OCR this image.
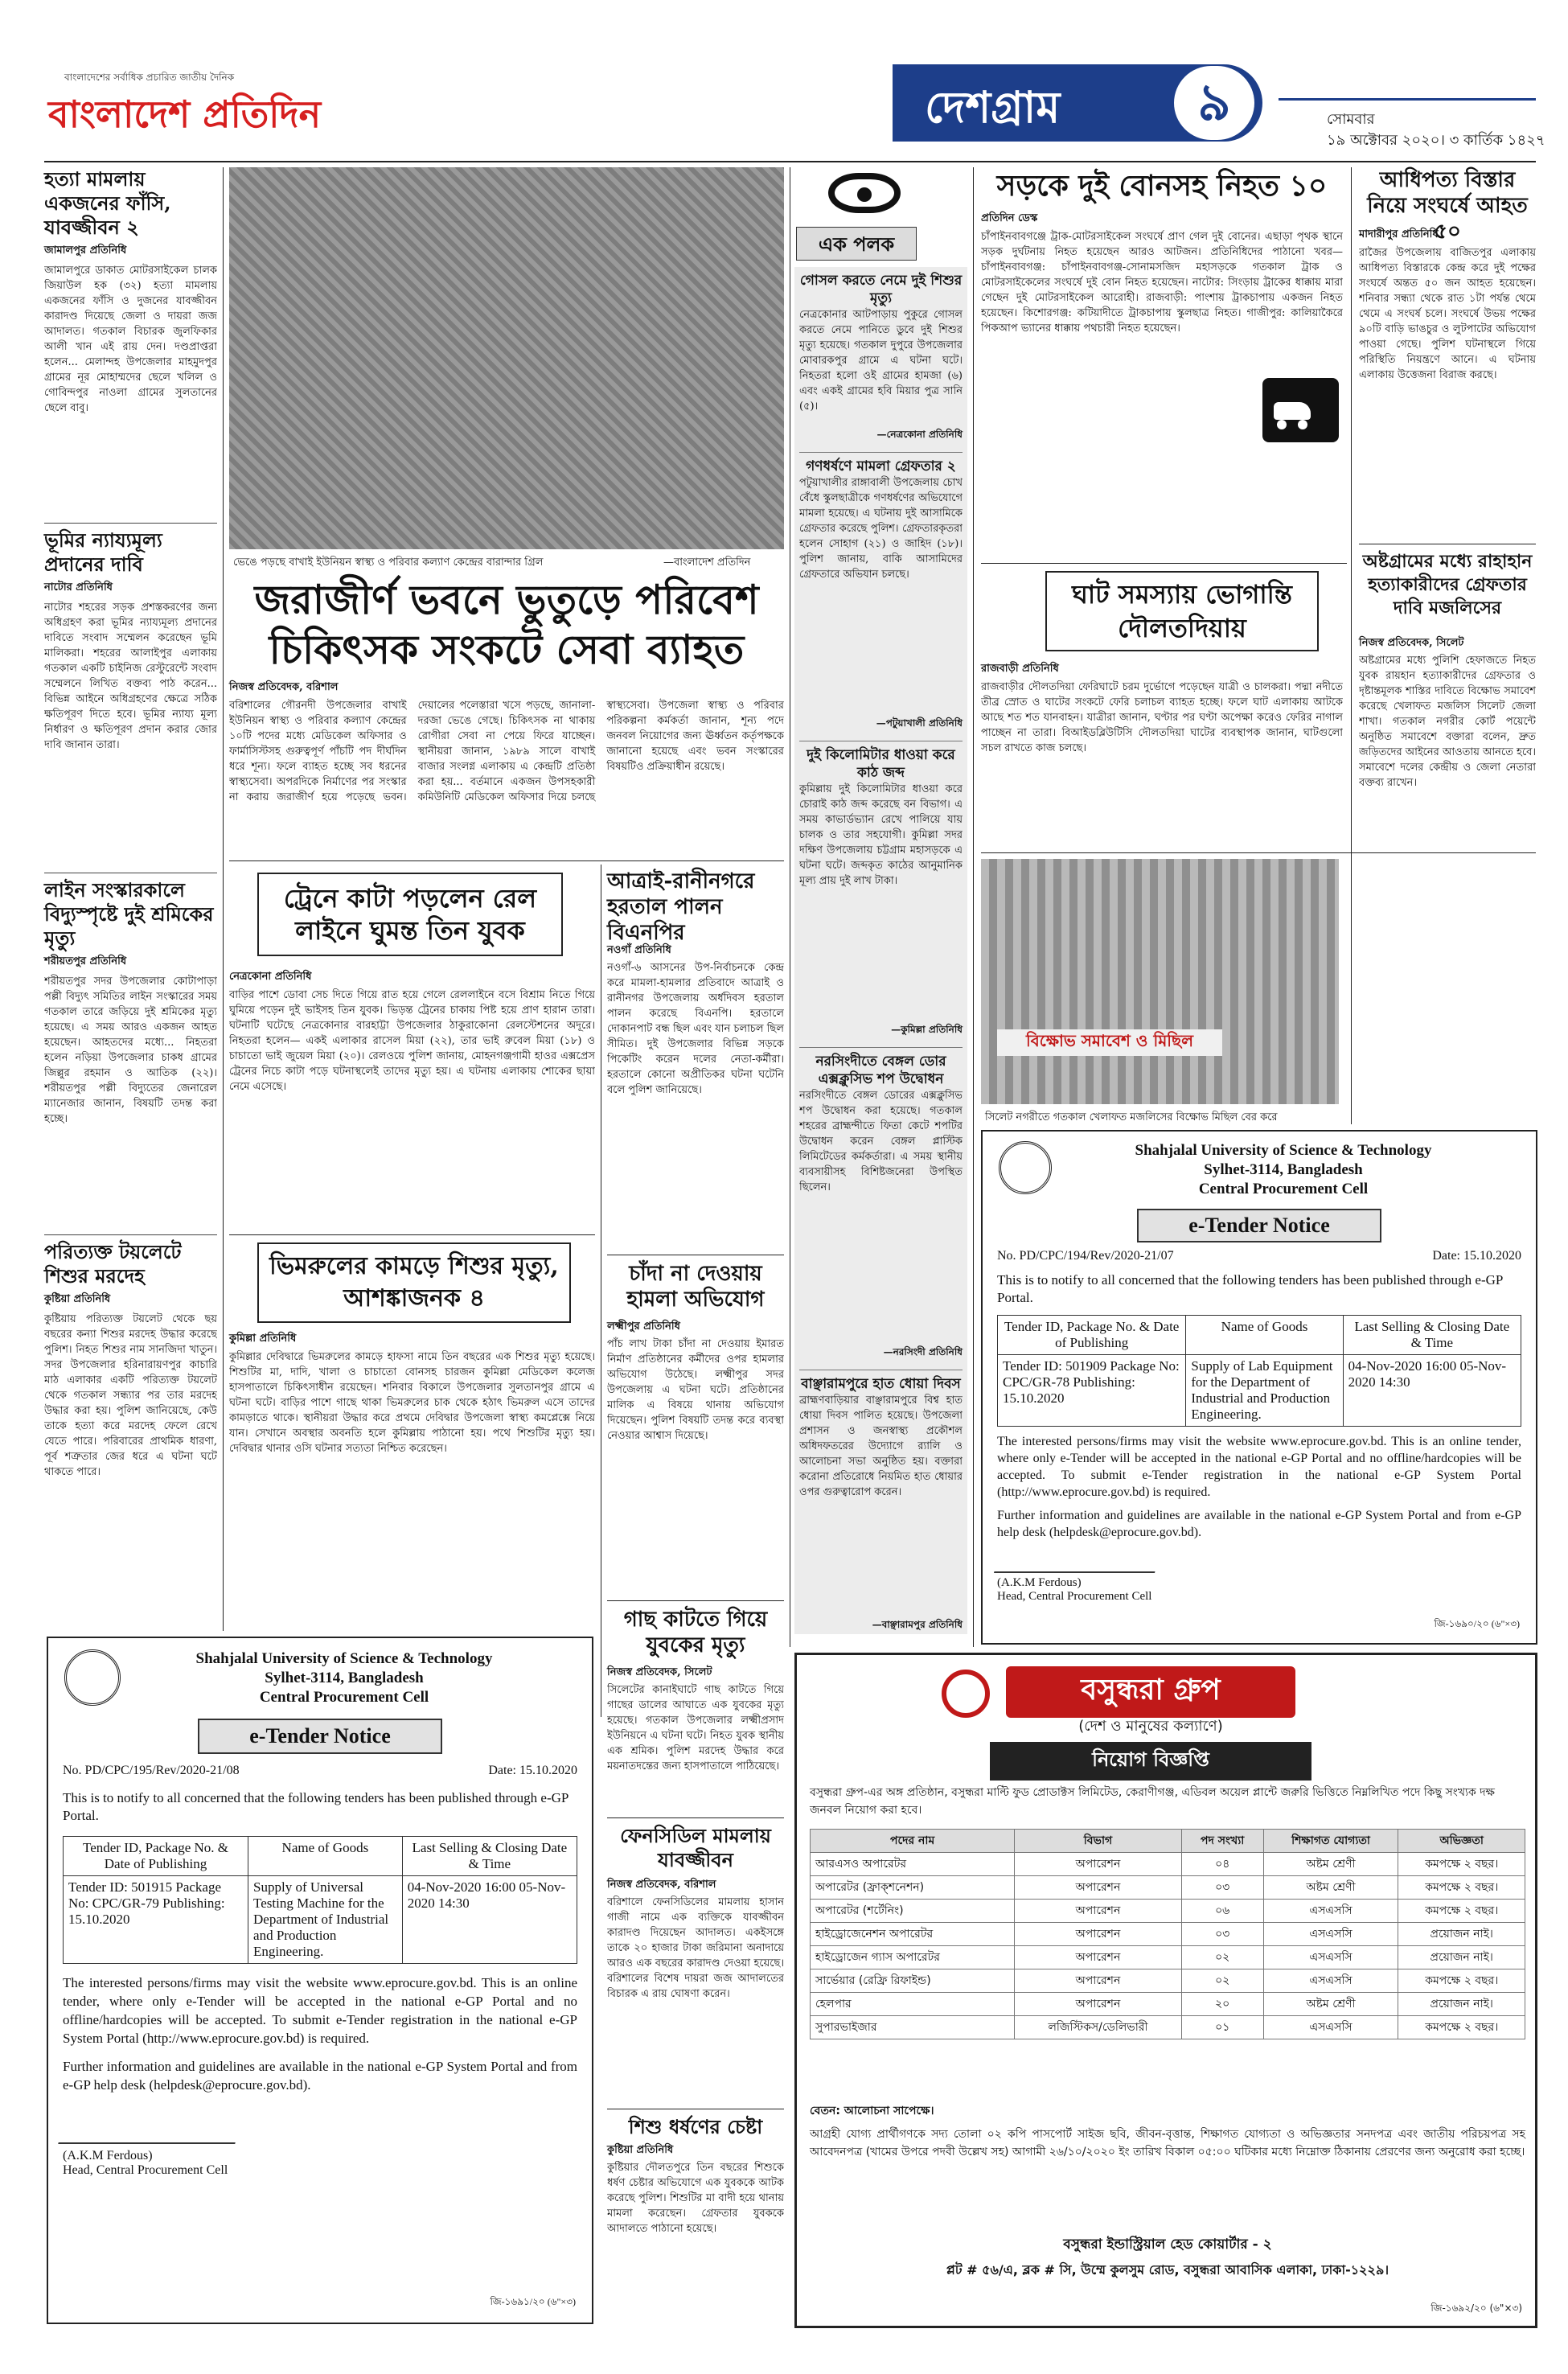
বাংলাদেশের সর্বাধিক প্রচারিত জাতীয় দৈনিক
বাংলাদেশ প্রতিদিন	দেশগ্রাম	৯	সোমবার
১৯ অক্টোবর ২০২০। ৩ কার্তিক ১৪২৭
হত্যা মামলায় একজনের ফাঁসি, যাবজ্জীবন ২
জামালপুর প্রতিনিধি
জামালপুরে ডাকাত মোটরসাইকেল চালক জিয়াউল হক (৩২) হত্যা মামলায় একজনের ফাঁসি ও দুজনের যাবজ্জীবন কারাদণ্ড দিয়েছে জেলা ও দায়রা জজ আদালত। গতকাল বিচারক জুলফিকার আলী খান এই রায় দেন। দণ্ডপ্রাপ্তরা হলেন... মেলান্দহ উপজেলার মাহমুদপুর গ্রামের নূর মোহাম্মদের ছেলে খলিল ও গোবিন্দপুর নাওলা গ্রামের সুলতানের ছেলে বাবু।
ভূমির ন্যায্যমূল্য প্রদানের দাবি
নাটোর প্রতিনিধি
নাটোর শহরের সড়ক প্রশস্তকরণের জন্য অধিগ্রহণ করা ভূমির ন্যায্যমূল্য প্রদানের দাবিতে সংবাদ সম্মেলন করেছেন ভূমি মালিকরা। শহরের আলাইপুর এলাকায় গতকাল একটি চাইনিজ রেস্টুরেন্টে সংবাদ সম্মেলনে লিখিত বক্তব্য পাঠ করেন... বিভিন্ন আইনে অধিগ্রহণের ক্ষেত্রে সঠিক ক্ষতিপূরণ দিতে হবে। ভূমির ন্যায্য মূল্য নির্ধারণ ও ক্ষতিপূরণ প্রদান করার জোর দাবি জানান তারা।
লাইন সংস্কারকালে বিদ্যুস্পৃষ্টে দুই শ্রমিকের মৃত্যু
শরীয়তপুর প্রতিনিধি
শরীয়তপুর সদর উপজেলার কোটাপাড়া পল্লী বিদ্যুৎ সমিতির লাইন সংস্কারের সময় গতকাল তারে জড়িয়ে দুই শ্রমিকের মৃত্যু হয়েছে। এ সময় আরও একজন আহত হয়েছেন। আহতদের মধ্যে... নিহতরা হলেন নড়িয়া উপজেলার চাকধ গ্রামের জিল্লুর রহমান ও আতিক (২২)। শরীয়তপুর পল্লী বিদ্যুতের জেনারেল ম্যানেজার জানান, বিষয়টি তদন্ত করা হচ্ছে।
পরিত্যক্ত টয়লেটে শিশুর মরদেহ
কুষ্টিয়া প্রতিনিধি
কুষ্টিয়ায় পরিত্যক্ত টয়লেট থেকে ছয় বছরের কন্যা শিশুর মরদেহ উদ্ধার করেছে পুলিশ। নিহত শিশুর নাম সানজিদা খাতুন। সদর উপজেলার হরিনারায়ণপুর কাচারি মাঠ এলাকার একটি পরিত্যক্ত টয়লেট থেকে গতকাল সন্ধ্যার পর তার মরদেহ উদ্ধার করা হয়। পুলিশ জানিয়েছে, কেউ তাকে হত্যা করে মরদেহ ফেলে রেখে যেতে পারে। পরিবারের প্রাথমিক ধারণা, পূর্ব শত্রুতার জের ধরে এ ঘটনা ঘটে থাকতে পারে।
ভেঙে পড়ছে বাখাই ইউনিয়ন স্বাস্থ্য ও পরিবার কল্যাণ কেন্দ্রের বারান্দার গ্রিল	—বাংলাদেশ প্রতিদিন
জরাজীর্ণ ভবনে ভুতুড়ে পরিবেশ চিকিৎসক সংকটে সেবা ব্যাহত
নিজস্ব প্রতিবেদক, বরিশাল
বরিশালের গৌরনদী উপজেলার বাখাই ইউনিয়ন স্বাস্থ্য ও পরিবার কল্যাণ কেন্দ্রের ১০টি পদের মধ্যে মেডিকেল অফিসার ও ফার্মাসিস্টসহ গুরুত্বপূর্ণ পাঁচটি পদ দীর্ঘদিন ধরে শূন্য। ফলে ব্যাহত হচ্ছে সব ধরনের স্বাস্থ্যসেবা। অপরদিকে নির্মাণের পর সংস্কার না করায় জরাজীর্ণ হয়ে পড়েছে ভবন। দেয়ালের পলেস্তারা খসে পড়ছে, জানালা-দরজা ভেঙে গেছে। চিকিৎসক না থাকায় রোগীরা সেবা না পেয়ে ফিরে যাচ্ছেন। স্থানীয়রা জানান, ১৯৮৯ সালে বাখাই বাজার সংলগ্ন এলাকায় এ কেন্দ্রটি প্রতিষ্ঠা করা হয়... বর্তমানে একজন উপসহকারী কমিউনিটি মেডিকেল অফিসার দিয়ে চলছে স্বাস্থ্যসেবা। উপজেলা স্বাস্থ্য ও পরিবার পরিকল্পনা কর্মকর্তা জানান, শূন্য পদে জনবল নিয়োগের জন্য ঊর্ধ্বতন কর্তৃপক্ষকে জানানো হয়েছে এবং ভবন সংস্কারের বিষয়টিও প্রক্রিয়াধীন রয়েছে।
ট্রেনে কাটা পড়লেন রেল লাইনে ঘুমন্ত তিন যুবক
নেত্রকোনা প্রতিনিধি
বাড়ির পাশে ডোবা সেচ দিতে গিয়ে রাত হয়ে গেলে রেললাইনে বসে বিশ্রাম নিতে গিয়ে ঘুমিয়ে পড়েন দুই ভাইসহ তিন যুবক। ভিড়ন্ত ট্রেনের চাকায় পিষ্ট হয়ে প্রাণ হারান তারা। ঘটনাটি ঘটেছে নেত্রকোনার বারহাট্টা উপজেলার ঠাকুরাকোনা রেলস্টেশনের অদূরে। নিহতরা হলেন— একই এলাকার রাসেল মিয়া (২২), তার ভাই রুবেল মিয়া (১৮) ও চাচাতো ভাই জুয়েল মিয়া (২০)। রেলওয়ে পুলিশ জানায়, মোহনগঞ্জগামী হাওর এক্সপ্রেস ট্রেনের নিচে কাটা পড়ে ঘটনাস্থলেই তাদের মৃত্যু হয়। এ ঘটনায় এলাকায় শোকের ছায়া নেমে এসেছে।
আত্রাই-রানীনগরে হরতাল পালন বিএনপির
নওগাঁ প্রতিনিধি
নওগাঁ-৬ আসনের উপ-নির্বাচনকে কেন্দ্র করে মামলা-হামলার প্রতিবাদে আত্রাই ও রানীনগর উপজেলায় অর্ধদিবস হরতাল পালন করেছে বিএনপি। হরতালে দোকানপাট বন্ধ ছিল এবং যান চলাচল ছিল সীমিত। দুই উপজেলার বিভিন্ন সড়কে পিকেটিং করেন দলের নেতা-কর্মীরা। হরতালে কোনো অপ্রীতিকর ঘটনা ঘটেনি বলে পুলিশ জানিয়েছে।
ভিমরুলের কামড়ে শিশুর মৃত্যু, আশঙ্কাজনক ৪
কুমিল্লা প্রতিনিধি
কুমিল্লার দেবিদ্বারে ভিমরুলের কামড়ে হাফসা নামে তিন বছরের এক শিশুর মৃত্যু হয়েছে। শিশুটির মা, দাদি, খালা ও চাচাতো বোনসহ চারজন কুমিল্লা মেডিকেল কলেজ হাসপাতালে চিকিৎসাধীন রয়েছেন। শনিবার বিকালে উপজেলার সুলতানপুর গ্রামে এ ঘটনা ঘটে। বাড়ির পাশে গাছে থাকা ভিমরুলের চাক থেকে হঠাৎ ভিমরুল এসে তাদের কামড়াতে থাকে। স্থানীয়রা উদ্ধার করে প্রথমে দেবিদ্বার উপজেলা স্বাস্থ্য কমপ্লেক্সে নিয়ে যান। সেখানে অবস্থার অবনতি হলে কুমিল্লায় পাঠানো হয়। পথে শিশুটির মৃত্যু হয়। দেবিদ্বার থানার ওসি ঘটনার সত্যতা নিশ্চিত করেছেন।
চাঁদা না দেওয়ায় হামলা অভিযোগ
লক্ষ্মীপুর প্রতিনিধি
পাঁচ লাখ টাকা চাঁদা না দেওয়ায় ইমারত নির্মাণ প্রতিষ্ঠানের কর্মীদের ওপর হামলার অভিযোগ উঠেছে। লক্ষ্মীপুর সদর উপজেলায় এ ঘটনা ঘটে। প্রতিষ্ঠানের মালিক এ বিষয়ে থানায় অভিযোগ দিয়েছেন। পুলিশ বিষয়টি তদন্ত করে ব্যবস্থা নেওয়ার আশ্বাস দিয়েছে।
গাছ কাটতে গিয়ে যুবকের মৃত্যু
নিজস্ব প্রতিবেদক, সিলেট
সিলেটের কানাইঘাটে গাছ কাটতে গিয়ে গাছের ডালের আঘাতে এক যুবকের মৃত্যু হয়েছে। গতকাল উপজেলার লক্ষ্মীপ্রসাদ ইউনিয়নে এ ঘটনা ঘটে। নিহত যুবক স্থানীয় এক শ্রমিক। পুলিশ মরদেহ উদ্ধার করে ময়নাতদন্তের জন্য হাসপাতালে পাঠিয়েছে।
ফেনসিডিল মামলায় যাবজ্জীবন
নিজস্ব প্রতিবেদক, বরিশাল
বরিশালে ফেনসিডিলের মামলায় হাসান গাজী নামে এক ব্যক্তিকে যাবজ্জীবন কারাদণ্ড দিয়েছেন আদালত। একইসঙ্গে তাকে ২০ হাজার টাকা জরিমানা অনাদায়ে আরও এক বছরের কারাদণ্ড দেওয়া হয়েছে। বরিশালের বিশেষ দায়রা জজ আদালতের বিচারক এ রায় ঘোষণা করেন।
শিশু ধর্ষণের চেষ্টা
কুষ্টিয়া প্রতিনিধি
কুষ্টিয়ার দৌলতপুরে তিন বছরের শিশুকে ধর্ষণ চেষ্টার অভিযোগে এক যুবককে আটক করেছে পুলিশ। শিশুটির মা বাদী হয়ে থানায় মামলা করেছেন। গ্রেফতার যুবককে আদালতে পাঠানো হয়েছে।
Shahjalal University of Science & Technology
Sylhet-3114, Bangladesh
Central Procurement Cell
e-Tender Notice
No. PD/CPC/195/Rev/2020-21/08	Date: 15.10.2020
This is to notify to all concerned that the following tenders has been published through e-GP Portal.
Tender ID, Package No. & Date of Publishing	Name of Goods	Last Selling & Closing Date & Time
Tender ID: 501915 Package No: CPC/GR-79 Publishing: 15.10.2020	Supply of Universal Testing Machine for the Department of Industrial and Production Engineering.	04-Nov-2020 16:00 05-Nov-2020 14:30
The interested persons/firms may visit the website www.eprocure.gov.bd. This is an online tender, where only e-Tender will be accepted in the national e-GP Portal and no offline/hardcopies will be accepted. To submit e-Tender registration in the national e-GP System Portal (http://www.eprocure.gov.bd) is required.
Further information and guidelines are available in the national e-GP System Portal and from e-GP help desk (helpdesk@eprocure.gov.bd).
(A.K.M Ferdous)
Head, Central Procurement Cell
জি-১৬৯১/২০ (৬"×৩)
এক পলক
গোসল করতে নেমে দুই শিশুর মৃত্যু
নেত্রকোনার আটপাড়ায় পুকুরে গোসল করতে নেমে পানিতে ডুবে দুই শিশুর মৃত্যু হয়েছে। গতকাল দুপুরে উপজেলার মোবারকপুর গ্রামে এ ঘটনা ঘটে। নিহতরা হলো ওই গ্রামের হামজা (৬) এবং একই গ্রামের হবি মিয়ার পুত্র সানি (৫)।
—নেত্রকোনা প্রতিনিধি
গণধর্ষণে মামলা গ্রেফতার ২
পটুয়াখালীর রাঙ্গাবালী উপজেলায় চোখ বেঁধে স্কুলছাত্রীকে গণধর্ষণের অভিযোগে মামলা হয়েছে। এ ঘটনায় দুই আসামিকে গ্রেফতার করেছে পুলিশ। গ্রেফতারকৃতরা হলেন সোহাগ (২১) ও জাহিদ (১৮)। পুলিশ জানায়, বাকি আসামিদের গ্রেফতারে অভিযান চলছে।
—পটুয়াখালী প্রতিনিধি
দুই কিলোমিটার ধাওয়া করে কাঠ জব্দ
কুমিল্লায় দুই কিলোমিটার ধাওয়া করে চোরাই কাঠ জব্দ করেছে বন বিভাগ। এ সময় কাভার্ডভ্যান রেখে পালিয়ে যায় চালক ও তার সহযোগী। কুমিল্লা সদর দক্ষিণ উপজেলায় চট্টগ্রাম মহাসড়কে এ ঘটনা ঘটে। জব্দকৃত কাঠের আনুমানিক মূল্য প্রায় দুই লাখ টাকা।
—কুমিল্লা প্রতিনিধি
নরসিংদীতে বেঙ্গল ডোর এক্সক্লুসিভ শপ উদ্বোধন
নরসিংদীতে বেঙ্গল ডোরের এক্সক্লুসিভ শপ উদ্বোধন করা হয়েছে। গতকাল শহরের ব্রাহ্মন্দীতে ফিতা কেটে শপটির উদ্বোধন করেন বেঙ্গল প্লাস্টিক লিমিটেডের কর্মকর্তারা। এ সময় স্থানীয় ব্যবসায়ীসহ বিশিষ্টজনেরা উপস্থিত ছিলেন।
—নরসিংদী প্রতিনিধি
বাঞ্ছারামপুরে হাত ধোয়া দিবস
ব্রাহ্মণবাড়িয়ার বাঞ্ছারামপুরে বিশ্ব হাত ধোয়া দিবস পালিত হয়েছে। উপজেলা প্রশাসন ও জনস্বাস্থ্য প্রকৌশল অধিদফতরের উদ্যোগে র‍্যালি ও আলোচনা সভা অনুষ্ঠিত হয়। বক্তারা করোনা প্রতিরোধে নিয়মিত হাত ধোয়ার ওপর গুরুত্বারোপ করেন।
—বাঞ্ছারামপুর প্রতিনিধি
সড়কে দুই বোনসহ নিহত ১০
প্রতিদিন ডেস্ক
চাঁপাইনবাবগঞ্জে ট্রাক-মোটরসাইকেল সংঘর্ষে প্রাণ গেল দুই বোনের। এছাড়া পৃথক স্থানে সড়ক দুর্ঘটনায় নিহত হয়েছেন আরও আটজন। প্রতিনিধিদের পাঠানো খবর— চাঁপাইনবাবগঞ্জ: চাঁপাইনবাবগঞ্জ-সোনামসজিদ মহাসড়কে গতকাল ট্রাক ও মোটরসাইকেলের সংঘর্ষে দুই বোন নিহত হয়েছেন। নাটোর: সিংড়ায় ট্রাকের ধাক্কায় মারা গেছেন দুই মোটরসাইকেল আরোহী। রাজবাড়ী: পাংশায় ট্রাকচাপায় একজন নিহত হয়েছেন। কিশোরগঞ্জ: কটিয়াদীতে ট্রাকচাপায় স্কুলছাত্র নিহত। গাজীপুর: কালিয়াকৈরে পিকআপ ভ্যানের ধাক্কায় পথচারী নিহত হয়েছেন।
ঘাট সমস্যায় ভোগান্তি দৌলতদিয়ায়
রাজবাড়ী প্রতিনিধি
রাজবাড়ীর দৌলতদিয়া ফেরিঘাটে চরম দুর্ভোগে পড়েছেন যাত্রী ও চালকরা। পদ্মা নদীতে তীব্র স্রোত ও ঘাটের সংকটে ফেরি চলাচল ব্যাহত হচ্ছে। ফলে ঘাট এলাকায় আটকে আছে শত শত যানবাহন। যাত্রীরা জানান, ঘণ্টার পর ঘণ্টা অপেক্ষা করেও ফেরির নাগাল পাচ্ছেন না তারা। বিআইডব্লিউটিসি দৌলতদিয়া ঘাটের ব্যবস্থাপক জানান, ঘাটগুলো সচল রাখতে কাজ চলছে।
বিক্ষোভ সমাবেশ ও মিছিল
সিলেট নগরীতে গতকাল খেলাফত মজলিসের বিক্ষোভ মিছিল বের করে
আধিপত্য বিস্তার নিয়ে সংঘর্ষে আহত ৫০
মাদারীপুর প্রতিনিধি
রাজৈর উপজেলায় বাজিতপুর এলাকায় আধিপত্য বিস্তারকে কেন্দ্র করে দুই পক্ষের সংঘর্ষে অন্তত ৫০ জন আহত হয়েছেন। শনিবার সন্ধ্যা থেকে রাত ১টা পর্যন্ত থেমে থেমে এ সংঘর্ষ চলে। সংঘর্ষে উভয় পক্ষের ৯০টি বাড়ি ভাঙচুর ও লুটপাটের অভিযোগ পাওয়া গেছে। পুলিশ ঘটনাস্থলে গিয়ে পরিস্থিতি নিয়ন্ত্রণে আনে। এ ঘটনায় এলাকায় উত্তেজনা বিরাজ করছে।
অষ্টগ্রামের মধ্যে রাহাহান হত্যাকারীদের গ্রেফতার দাবি মজলিসের
নিজস্ব প্রতিবেদক, সিলেট
অষ্টগ্রামের মধ্যে পুলিশি হেফাজতে নিহত যুবক রায়হান হত্যাকারীদের গ্রেফতার ও দৃষ্টান্তমূলক শাস্তির দাবিতে বিক্ষোভ সমাবেশ করেছে খেলাফত মজলিস সিলেট জেলা শাখা। গতকাল নগরীর কোর্ট পয়েন্টে অনুষ্ঠিত সমাবেশে বক্তারা বলেন, দ্রুত জড়িতদের আইনের আওতায় আনতে হবে। সমাবেশে দলের কেন্দ্রীয় ও জেলা নেতারা বক্তব্য রাখেন।
Shahjalal University of Science & Technology
Sylhet-3114, Bangladesh
Central Procurement Cell
e-Tender Notice
No. PD/CPC/194/Rev/2020-21/07	Date: 15.10.2020
This is to notify to all concerned that the following tenders has been published through e-GP Portal.
Tender ID, Package No. & Date of Publishing	Name of Goods	Last Selling & Closing Date & Time
Tender ID: 501909 Package No: CPC/GR-78 Publishing: 15.10.2020	Supply of Lab Equipment for the Department of Industrial and Production Engineering.	04-Nov-2020 16:00 05-Nov-2020 14:30
The interested persons/firms may visit the website www.eprocure.gov.bd. This is an online tender, where only e-Tender will be accepted in the national e-GP Portal and no offline/hardcopies will be accepted. To submit e-Tender registration in the national e-GP System Portal (http://www.eprocure.gov.bd) is required.
Further information and guidelines are available in the national e-GP System Portal and from e-GP help desk (helpdesk@eprocure.gov.bd).
(A.K.M Ferdous)
Head, Central Procurement Cell
জি-১৬৯০/২০ (৬"×৩)
বসুন্ধরা গ্রুপ
(দেশ ও মানুষের কল্যাণে)
নিয়োগ বিজ্ঞপ্তি
বসুন্ধরা গ্রুপ-এর অঙ্গ প্রতিষ্ঠান, বসুন্ধরা মাল্টি ফুড প্রোডাক্টস লিমিটেড, কেরাণীগঞ্জ, এডিবল অয়েল প্লান্টে জরুরি ভিত্তিতে নিম্নলিখিত পদে কিছু সংখ্যক দক্ষ জনবল নিয়োগ করা হবে।
পদের নাম	বিভাগ	পদ সংখ্যা	শিক্ষাগত যোগ্যতা	অভিজ্ঞতা
আরএসও অপারেটর	অপারেশন	০৪	অষ্টম শ্রেণী	কমপক্ষে ২ বছর।
অপারেটর (ফ্রাক্শনেশন)	অপারেশন	০৩	অষ্টম শ্রেণী	কমপক্ষে ২ বছর।
অপারেটর (শর্টেনিং)	অপারেশন	০৬	এসএসসি	কমপক্ষে ২ বছর।
হাইড্রোজেনেশন অপারেটর	অপারেশন	০৩	এসএসসি	প্রয়োজন নাই।
হাইড্রোজেন গ্যাস অপারেটর	অপারেশন	০২	এসএসসি	প্রয়োজন নাই।
সার্ভেয়ার (রেফ্রি রিফাইন্ড)	অপারেশন	০২	এসএসসি	কমপক্ষে ২ বছর।
হেলপার	অপারেশন	২০	অষ্টম শ্রেণী	প্রয়োজন নাই।
সুপারভাইজার	লজিস্টিকস/ডেলিভারী	০১	এসএসসি	কমপক্ষে ২ বছর।
বেতন: আলোচনা সাপেক্ষে।
আগ্রহী যোগ্য প্রার্থীগণকে সদ্য তোলা ০২ কপি পাসপোর্ট সাইজ ছবি, জীবন-বৃত্তান্ত, শিক্ষাগত যোগ্যতা ও অভিজ্ঞতার সনদপত্র এবং জাতীয় পরিচয়পত্র সহ আবেদনপত্র (খামের উপরে পদবী উল্লেখ সহ) আগামী ২৬/১০/২০২০ ইং তারিখ বিকাল ০৫:০০ ঘটিকার মধ্যে নিম্নোক্ত ঠিকানায় প্রেরণের জন্য অনুরোধ করা হচ্ছে।
বসুন্ধরা ইন্ডাস্ট্রিয়াল হেড কোয়ার্টার - ২
প্লট # ৫৬/এ, ব্লক # সি, উম্মে কুলসুম রোড, বসুন্ধরা আবাসিক এলাকা, ঢাকা-১২২৯।
জি-১৬৯২/২০ (৬"×৩)
